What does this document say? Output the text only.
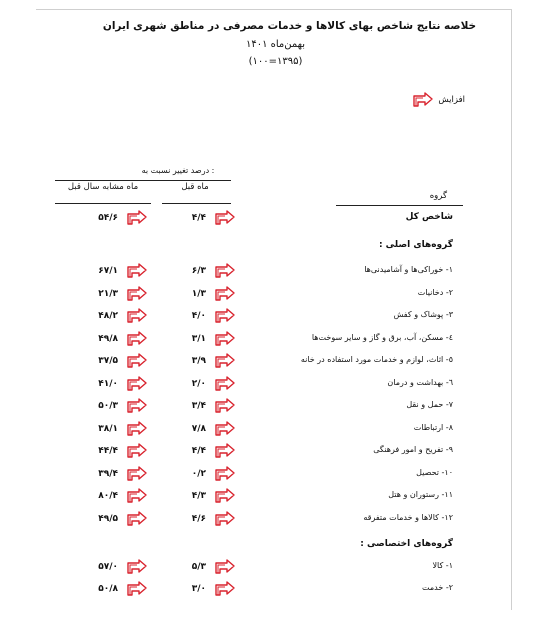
خلاصه نتایج شاخص بهای کالاها و خدمات مصرفی در مناطق شهری ایران
بهمن‌ماه ۱۴۰۱
(۱۰۰=۱۳۹۵)
افزایش
درصد تغییر نسبت به :
ماه قبل
ماه مشابه سال قبل
گروه
شاخص کل
۴/۴
۵۴/۶
گروه‌های اصلی :
۱- خوراکی‌ها و آشامیدنی‌ها
۶/۳
۶۷/۱
۲- دخانیات
۱/۳
۲۱/۳
۳- پوشاک و کفش
۴/۰
۴۸/۲
٤- مسکن، آب، برق و گاز و سایر سوخت‌ها
۳/۱
۴۹/۸
٥- اثاث، لوازم و خدمات مورد استفاده در خانه
۳/۹
۳۷/۵
٦- بهداشت و درمان
۲/۰
۴۱/۰
۷- حمل و نقل
۳/۴
۵۰/۳
۸- ارتباطات
۷/۸
۳۸/۱
۹- تفریح و امور فرهنگی
۴/۴
۴۴/۴
۱۰- تحصیل
۰/۲
۳۹/۴
۱۱- رستوران و هتل
۴/۳
۸۰/۴
۱۲- کالاها و خدمات متفرقه
۴/۶
۴۹/۵
گروه‌های اختصاصی :
۱- کالا
۵/۳
۵۷/۰
۲- خدمت
۳/۰
۵۰/۸
